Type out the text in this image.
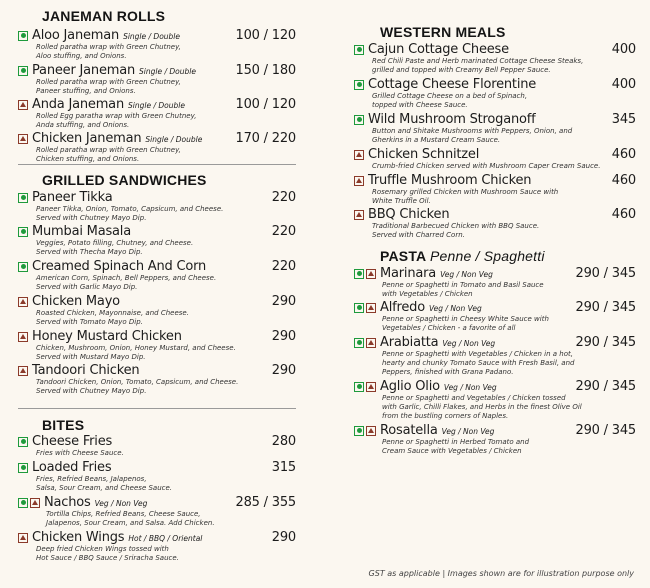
JANEMAN ROLLS
Aloo Janeman Single / Double	100 / 120
Rolled paratha wrap with Green Chutney,
Aloo stuffing, and Onions.
Paneer Janeman Single / Double	150 / 180
Rolled paratha wrap with Green Chutney,
Paneer stuffing, and Onions.
Anda Janeman Single / Double	100 / 120
Rolled Egg paratha wrap with Green Chutney,
Anda stuffing, and Onions.
Chicken Janeman Single / Double	170 / 220
Rolled paratha wrap with Green Chutney,
Chicken stuffing, and Onions.
GRILLED SANDWICHES
Paneer Tikka	220
Paneer Tikka, Onion, Tomato, Capsicum, and Cheese.
Served with Chutney Mayo Dip.
Mumbai Masala	220
Veggies, Potato filling, Chutney, and Cheese.
Served with Thecha Mayo Dip.
Creamed Spinach And Corn	220
American Corn, Spinach, Bell Peppers, and Cheese.
Served with Garlic Mayo Dip.
Chicken Mayo	290
Roasted Chicken, Mayonnaise, and Cheese.
Served with Tomato Mayo Dip.
Honey Mustard Chicken	290
Chicken, Mushroom, Onion, Honey Mustard, and Cheese.
Served with Mustard Mayo Dip.
Tandoori Chicken	290
Tandoori Chicken, Onion, Tomato, Capsicum, and Cheese.
Served with Chutney Mayo Dip.
BITES
Cheese Fries	280
Fries with Cheese Sauce.
Loaded Fries	315
Fries, Refried Beans, Jalapenos,
Salsa, Sour Cream, and Cheese Sauce.
Nachos Veg / Non Veg	285 / 355
Tortilla Chips, Refried Beans, Cheese Sauce,
Jalapenos, Sour Cream, and Salsa. Add Chicken.
Chicken Wings Hot / BBQ / Oriental	290
Deep fried Chicken Wings tossed with
Hot Sauce / BBQ Sauce / Sriracha Sauce.
WESTERN MEALS
Cajun Cottage Cheese	400
Red Chili Paste and Herb marinated Cottage Cheese Steaks,
grilled and topped with Creamy Bell Pepper Sauce.
Cottage Cheese Florentine	400
Grilled Cottage Cheese on a bed of Spinach,
topped with Cheese Sauce.
Wild Mushroom Stroganoff	345
Button and Shitake Mushrooms with Peppers, Onion, and
Gherkins in a Mustard Cream Sauce.
Chicken Schnitzel	460
Crumb-fried Chicken served with Mushroom Caper Cream Sauce.
Truffle Mushroom Chicken	460
Rosemary grilled Chicken with Mushroom Sauce with
White Truffle Oil.
BBQ Chicken	460
Traditional Barbecued Chicken with BBQ Sauce.
Served with Charred Corn.
PASTA Penne / Spaghetti
Marinara Veg / Non Veg	290 / 345
Penne or Spaghetti in Tomato and Basil Sauce
with Vegetables / Chicken
Alfredo Veg / Non Veg	290 / 345
Penne or Spaghetti in Cheesy White Sauce with
Vegetables / Chicken - a favorite of all
Arabiatta Veg / Non Veg	290 / 345
Penne or Spaghetti with Vegetables / Chicken in a hot,
hearty and chunky Tomato Sauce with Fresh Basil, and
Peppers, finished with Grana Padano.
Aglio Olio Veg / Non Veg	290 / 345
Penne or Spaghetti and Vegetables / Chicken tossed
with Garlic, Chilli Flakes, and Herbs in the finest Olive Oil
from the bustling corners of Naples.
Rosatella Veg / Non Veg	290 / 345
Penne or Spaghetti in Herbed Tomato and
Cream Sauce with Vegetables / Chicken
GST as applicable | Images shown are for illustration purpose only
